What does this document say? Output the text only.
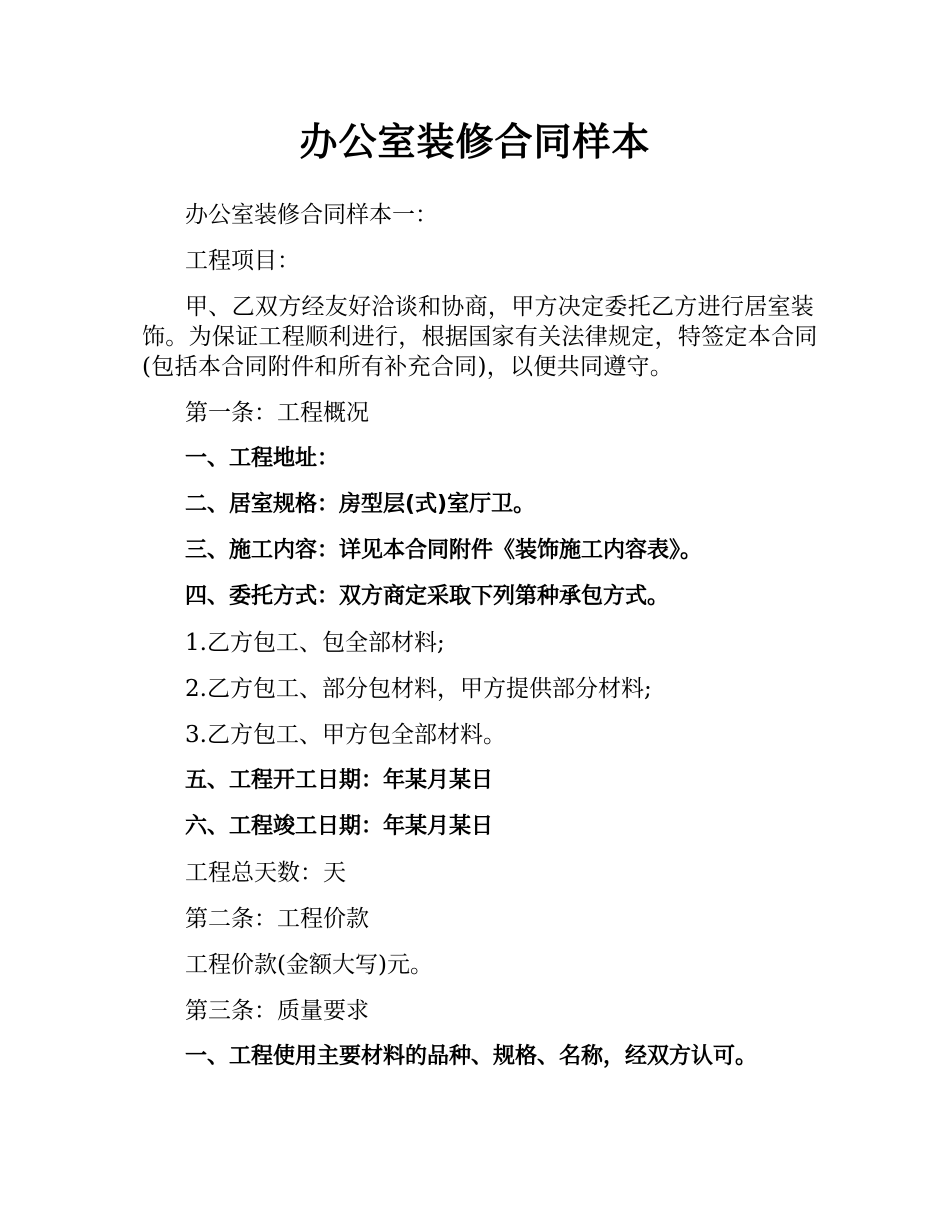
办公室装修合同样本

办公室装修合同样本一：

工程项目：

甲、乙双方经友好洽谈和协商，甲方决定委托乙方进行居室装饰。为保证工程顺利进行，根据国家有关法律规定，特签定本合同(包括本合同附件和所有补充合同)，以便共同遵守。

第一条：工程概况

一、工程地址：

二、居室规格：房型层(式)室厅卫。

三、施工内容：详见本合同附件《装饰施工内容表》。

四、委托方式：双方商定采取下列第种承包方式。

1.乙方包工、包全部材料;

2.乙方包工、部分包材料，甲方提供部分材料;

3.乙方包工、甲方包全部材料。

五、工程开工日期：年某月某日

六、工程竣工日期：年某月某日

工程总天数：天

第二条：工程价款

工程价款(金额大写)元。

第三条：质量要求

一、工程使用主要材料的品种、规格、名称，经双方认可。
